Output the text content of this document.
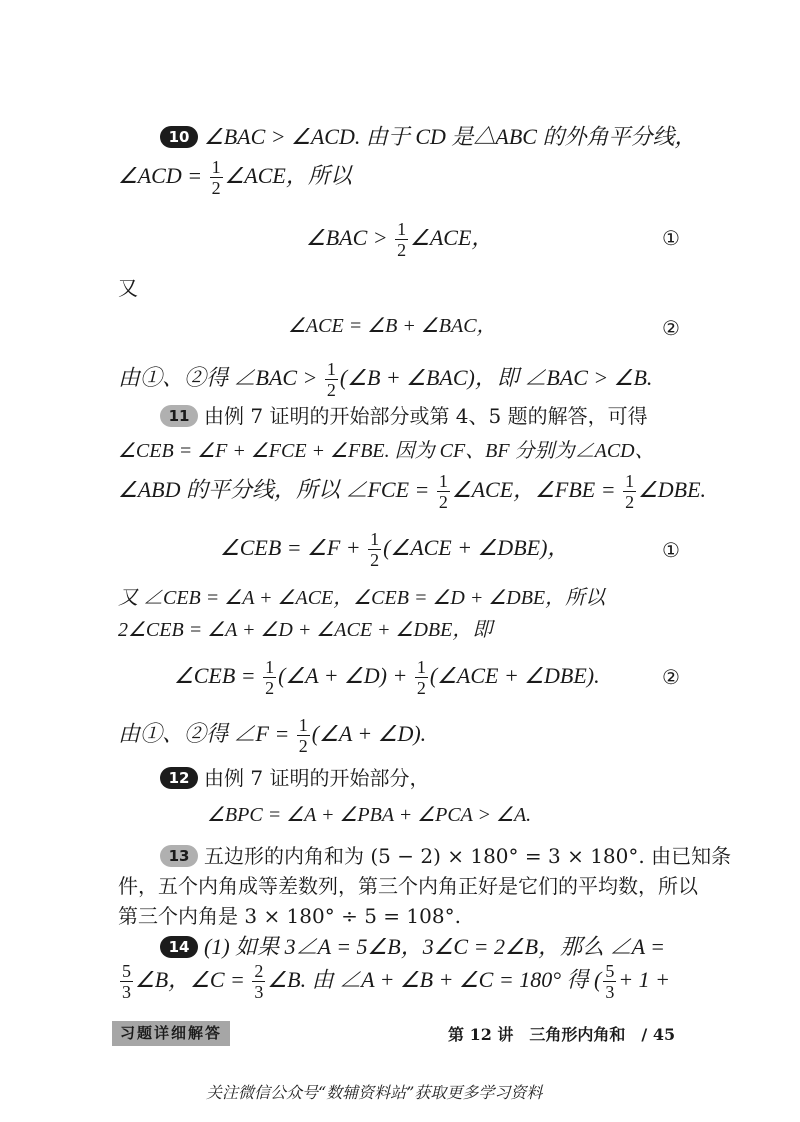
10 ∠BAC > ∠ACD. 由于 CD 是△ABC 的外角平分线，
∠ACD = $\frac{1}{2}$ ∠ACE，所以
∠BAC > $\frac{1}{2}$ ∠ACE，	①
又
∠ACE = ∠B + ∠BAC，	②
由①、②得 ∠BAC > $\frac{1}{2}$ (∠B + ∠BAC)，即 ∠BAC > ∠B.
11 由例 7 证明的开始部分或第 4、5 题的解答，可得
∠CEB = ∠F + ∠FCE + ∠FBE. 因为 CF、BF 分别为∠ACD、
∠ABD 的平分线，所以 ∠FCE = $\frac{1}{2}$ ∠ACE，∠FBE = $\frac{1}{2}$ ∠DBE.
∠CEB = ∠F + $\frac{1}{2}$ (∠ACE + ∠DBE)，	①
又 ∠CEB = ∠A + ∠ACE，∠CEB = ∠D + ∠DBE，所以
2∠CEB = ∠A + ∠D + ∠ACE + ∠DBE，即
∠CEB = $\frac{1}{2}$ (∠A + ∠D) + $\frac{1}{2}$ (∠ACE + ∠DBE).	②
由①、②得 ∠F = $\frac{1}{2}$ (∠A + ∠D).
12 由例 7 证明的开始部分，
∠BPC = ∠A + ∠PBA + ∠PCA > ∠A.
13 五边形的内角和为 (5 − 2) × 180° = 3 × 180°. 由已知条
件，五个内角成等差数列，第三个内角正好是它们的平均数，所以
第三个内角是 3 × 180° ÷ 5 = 108°.
14 (1) 如果 3∠A = 5∠B，3∠C = 2∠B，那么 ∠A =
$\frac{5}{3}$ ∠B，∠C = $\frac{2}{3}$ ∠B. 由 ∠A + ∠B + ∠C = 180° 得 ( $\frac{5}{3} + 1$ +
习题详细解答	第 12 讲　三角形内角和　/ 45
关注微信公众号“数辅资料站”获取更多学习资料
